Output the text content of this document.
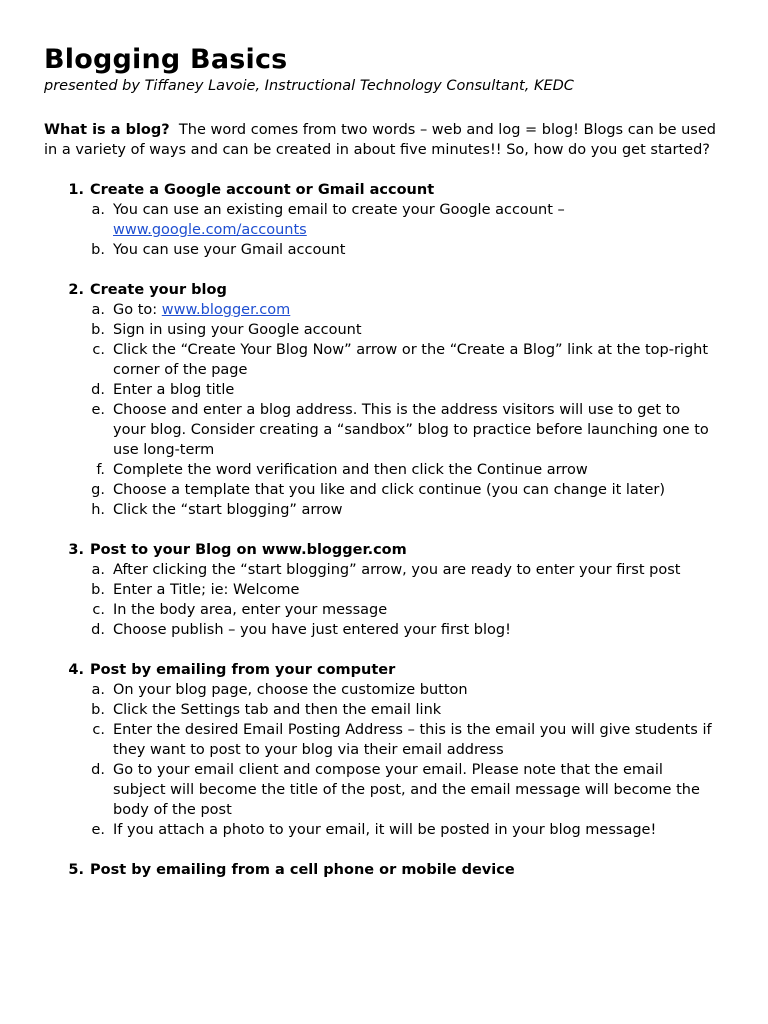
Blogging Basics

presented by Tiffaney Lavoie, Instructional Technology Consultant, KEDC

What is a blog? The word comes from two words – web and log = blog! Blogs can be used in a variety of ways and can be created in about five minutes!! So, how do you get started?

1. Create a Google account or Gmail account
a. You can use an existing email to create your Google account – www.google.com/accounts
b. You can use your Gmail account
2. Create your blog
a. Go to: www.blogger.com
b. Sign in using your Google account
c. Click the “Create Your Blog Now” arrow or the “Create a Blog” link at the top-right corner of the page
d. Enter a blog title
e. Choose and enter a blog address. This is the address visitors will use to get to your blog. Consider creating a “sandbox” blog to practice before launching one to use long-term
f. Complete the word verification and then click the Continue arrow
g. Choose a template that you like and click continue (you can change it later)
h. Click the “start blogging” arrow
3. Post to your Blog on www.blogger.com
a. After clicking the “start blogging” arrow, you are ready to enter your first post
b. Enter a Title; ie: Welcome
c. In the body area, enter your message
d. Choose publish – you have just entered your first blog!
4. Post by emailing from your computer
a. On your blog page, choose the customize button
b. Click the Settings tab and then the email link
c. Enter the desired Email Posting Address – this is the email you will give students if they want to post to your blog via their email address
d. Go to your email client and compose your email. Please note that the email subject will become the title of the post, and the email message will become the body of the post
e. If you attach a photo to your email, it will be posted in your blog message!
5. Post by emailing from a cell phone or mobile device
